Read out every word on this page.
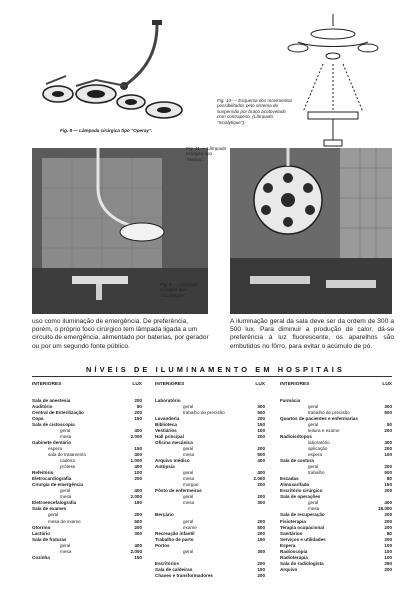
Fig. 8 — Lâmpada cirúrgica tipo "Operay".
Fig. 10 — Esquema dos movimentos possibilitados pelo sistema de suspensão por braço acotovelado com contrapeso. (Lâmpada "Scialytique").
Fig. 9 — Lâmpada cirúrgica tipo "Scialytique".
Fig. 11 — Lâmpada cirúrgica tipo "Hanau".
uso como iluminação de emergência. De preferência, porém, o próprio foco cirúrgico tem lâmpada ligada a um circuito de emergência, alimentado por baterias, por gerador ou por um segundo fonte público.
A iluminação geral da sala deve ser da ordem de 300 a 500 lux. Para diminuir a produção de calor, dá-se preferência à luz fluorescente, os aparelhos são embutidos no fôrro, para evitar o acúmulo de pó.
NÍVEIS DE ILUMINAMENTO EM HOSPITAIS
INTERIORES	LUX
Sala de anestesia	200
Auditório	80
Central de Esterilização	200
Copa	150
Sala de cistoscopia
geral	400
mesa	2.000
Gabinete dentário
espera	150
sala de tratamento	400
cadeira	1.000
prótese	400
Refeitório	100
Eletrocardiografia	200
Cirurgia de emergência
geral	400
mesa	2.000
Eletroencefalografia	150
Sala de exames
geral	200
mesa de exame	500
Otorrino	200
Lactário	300
Sala de fraturas
geral	400
mesa	2.000
Cozinha	150
INTERIORES	LUX
Laboratório
geral	300
trabalho de precisão	500
Lavanderia	200
Biblioteca	150
Vestiários	100
Hall principal	200
Oficina mecânica
geral	200
mesa	500
Arquivo médico	400
Autópsia
geral	400
mesa	2.000
morgue	200
Pôsto de enfermeiras
geral	200
mesa	300
Berçário
geral	200
exame	500
Recreação infantil	200
Trabalho de parto	150
Portos
geral	300
Escritórios	200
Sala de caldeiras	150
Chaves e transformadores	200
INTERIORES	LUX
Farmácia
geral	300
trabalho de precisão	500
Quartos de pacientes e enfermarias
geral	50
leitura e exame	200
Radioisótopos
laboratório	300
aplicação	200
espera	100
Sala de costura
geral	200
trabalho	500
Escadas	80
Almoxarifado	150
Escritório cirúrgico	200
Sala de operações
geral	400
mesa	18.000
Sala de recuperação	200
Fisioterapia	200
Terapia ocupacional	200
Sanitários	80
Serviços e utilidades	200
Espera	100
Radioscopia	100
Radioterapia	100
Sala do radiologista	250
Arquivo	200
